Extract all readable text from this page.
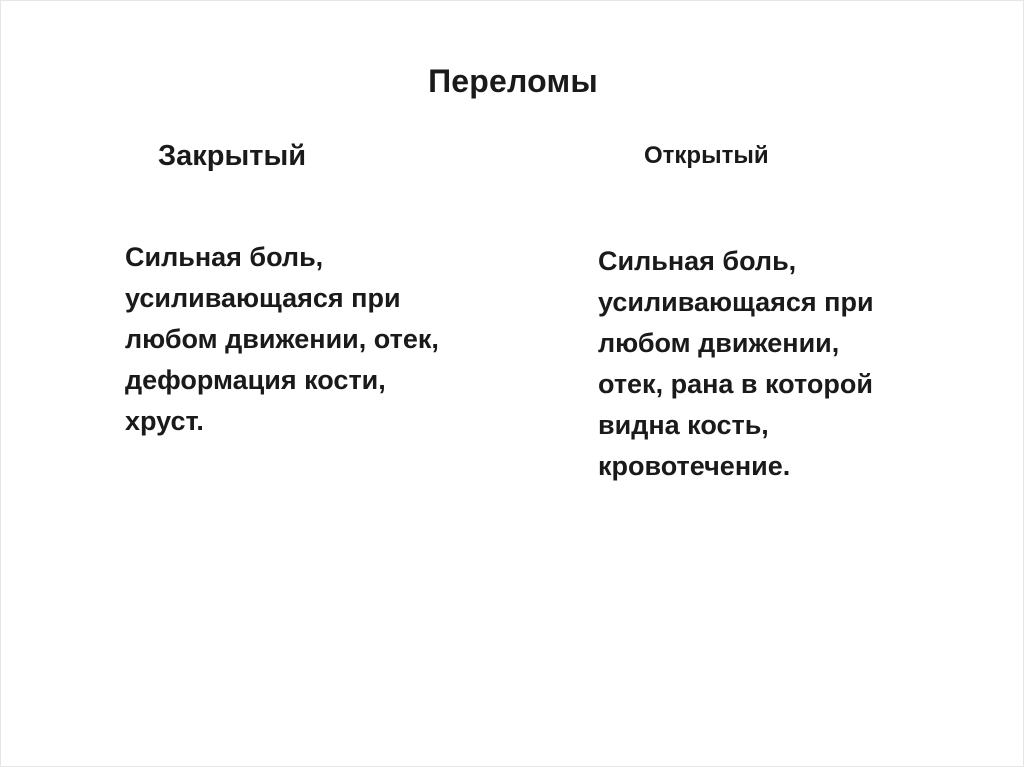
Переломы
Закрытый	Открытый
Сильная боль,
усиливающаяся при
любом движении, отек,
деформация кости,
хруст.
Сильная боль,
усиливающаяся при
любом движении,
отек, рана в которой
видна кость,
кровотечение.
